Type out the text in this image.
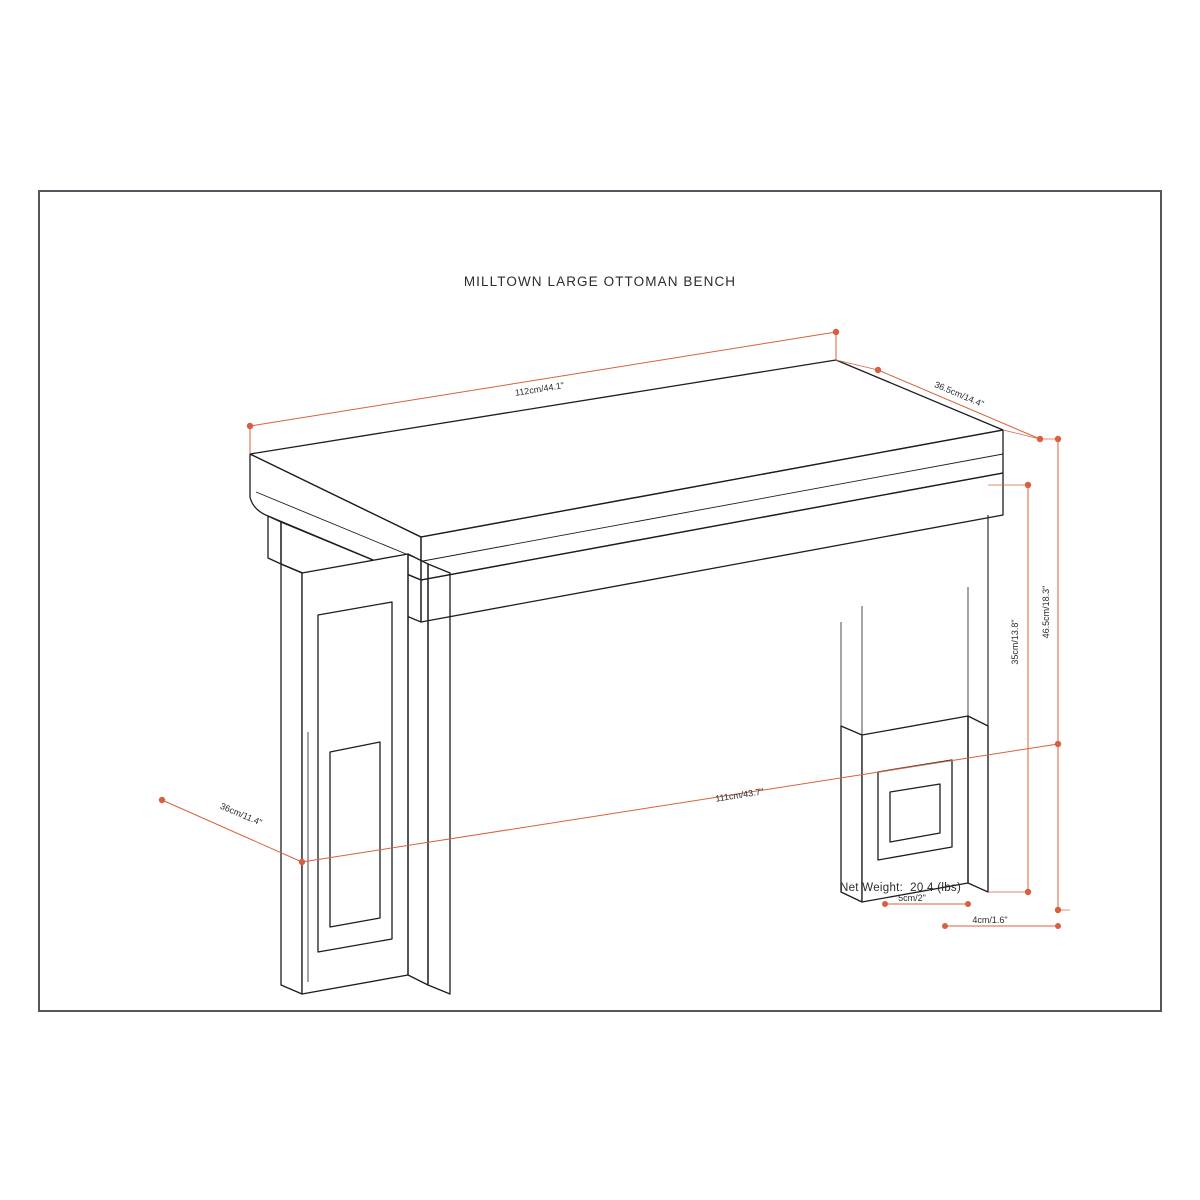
MILLTOWN LARGE OTTOMAN BENCH
112cm/44.1"	36.5cm/14.4"
35cm/13.8"
46.5cm/18.3"
5cm/2"
4cm/1.6"
36cm/11.4"
111cm/43.7"
Net Weight:  20.4 (lbs)
